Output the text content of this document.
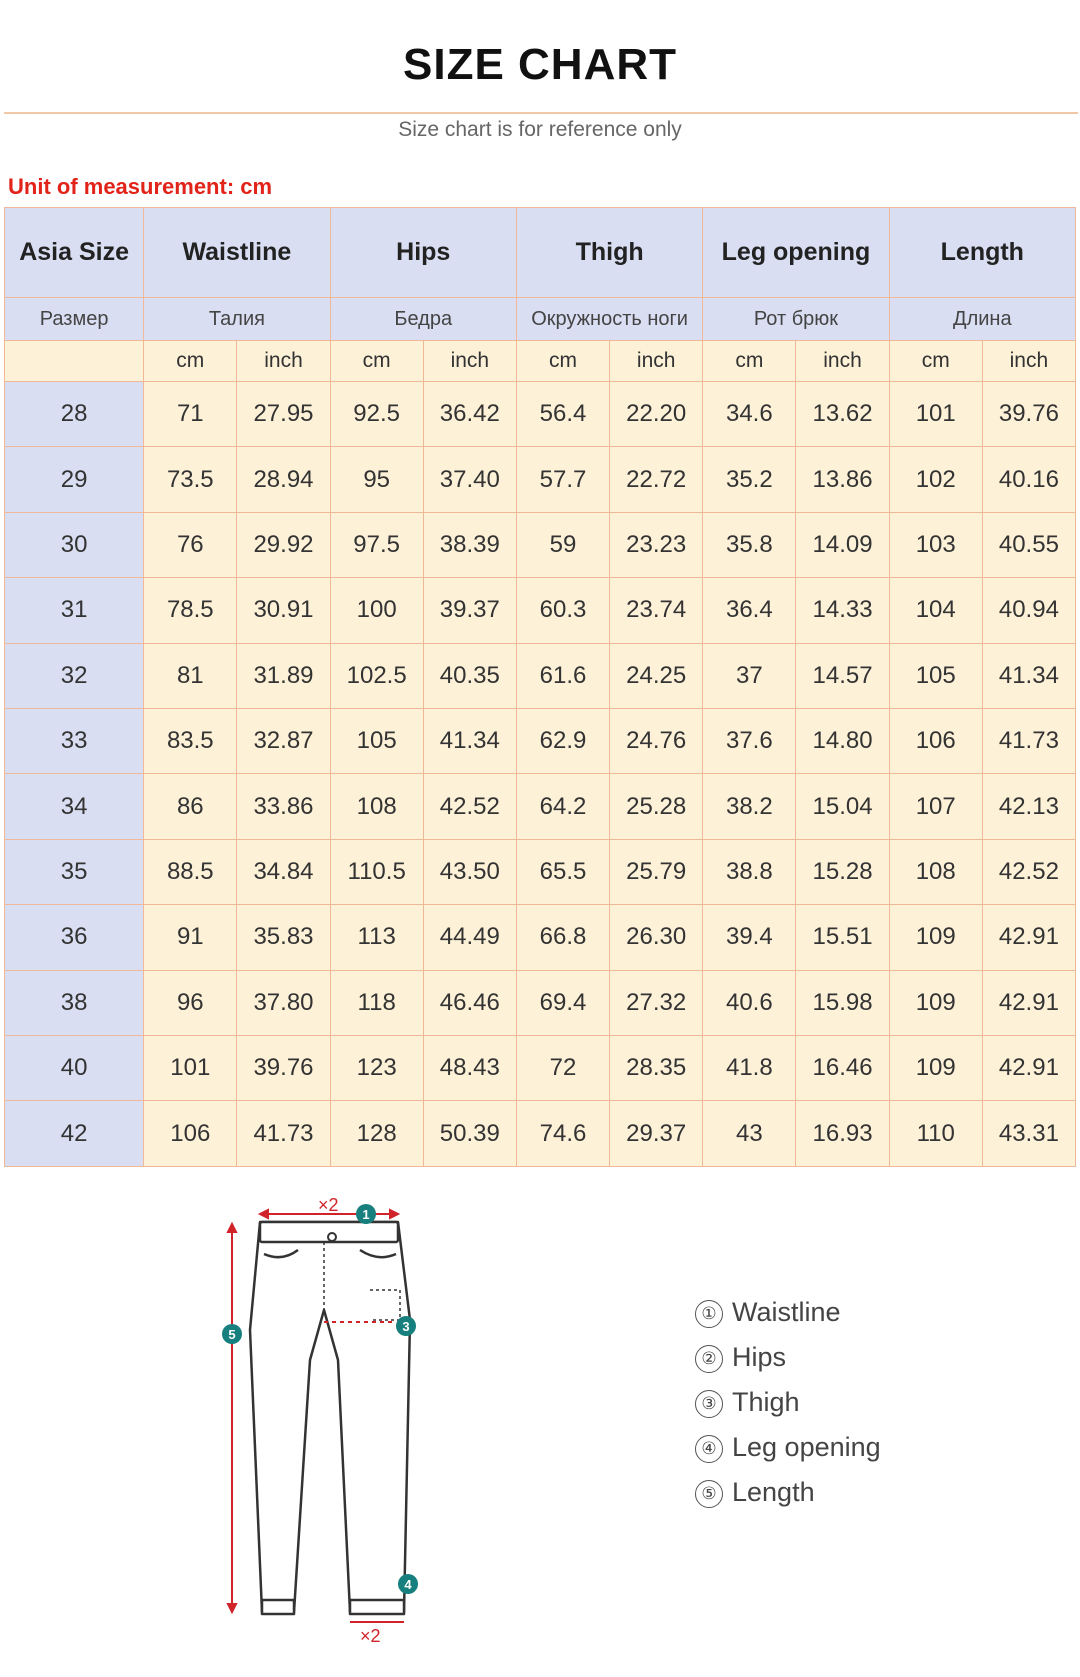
SIZE CHART
Size chart is for reference only
Unit of measurement: cm
Asia Size	Waistline		Hips		Thigh		Leg opening		Length	
Размер	Талия		Бедра		Окружность ноги		Рот брюк		Длина	
	cm	inch	cm	inch	cm	inch	cm	inch	cm	inch
28	71	27.95	92.5	36.42	56.4	22.20	34.6	13.62	101	39.76
29	73.5	28.94	95	37.40	57.7	22.72	35.2	13.86	102	40.16
30	76	29.92	97.5	38.39	59	23.23	35.8	14.09	103	40.55
31	78.5	30.91	100	39.37	60.3	23.74	36.4	14.33	104	40.94
32	81	31.89	102.5	40.35	61.6	24.25	37	14.57	105	41.34
33	83.5	32.87	105	41.34	62.9	24.76	37.6	14.80	106	41.73
34	86	33.86	108	42.52	64.2	25.28	38.2	15.04	107	42.13
35	88.5	34.84	110.5	43.50	65.5	25.79	38.8	15.28	108	42.52
36	91	35.83	113	44.49	66.8	26.30	39.4	15.51	109	42.91
38	96	37.80	118	46.46	69.4	27.32	40.6	15.98	109	42.91
40	101	39.76	123	48.43	72	28.35	41.8	16.46	109	42.91
42	106	41.73	128	50.39	74.6	29.37	43	16.93	110	43.31
×2
×2
1
3
4
5
① Waistline
② Hips
③ Thigh
④ Leg opening
⑤ Length
